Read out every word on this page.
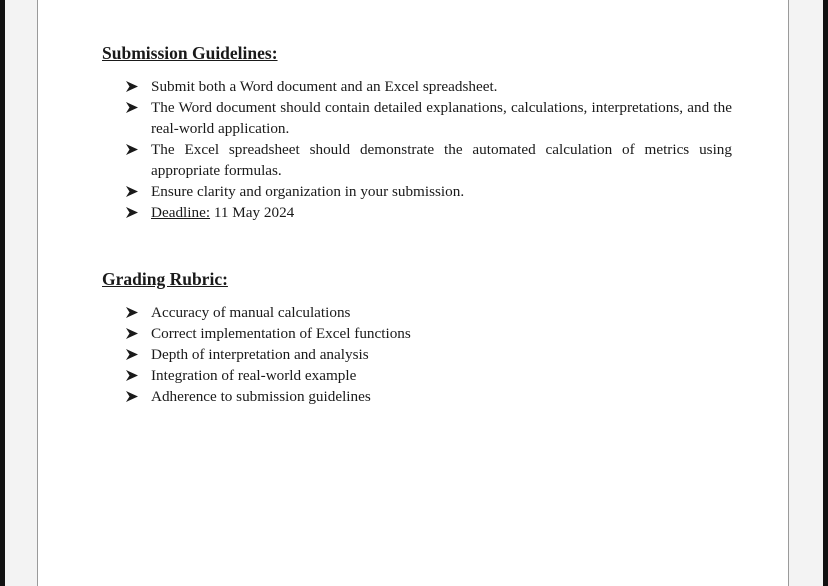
Submission Guidelines:
Submit both a Word document and an Excel spreadsheet.
The Word document should contain detailed explanations, calculations, interpretations, and the real-world application.
The Excel spreadsheet should demonstrate the automated calculation of metrics using appropriate formulas.
Ensure clarity and organization in your submission.
Deadline: 11 May 2024
Grading Rubric:
Accuracy of manual calculations
Correct implementation of Excel functions
Depth of interpretation and analysis
Integration of real-world example
Adherence to submission guidelines
